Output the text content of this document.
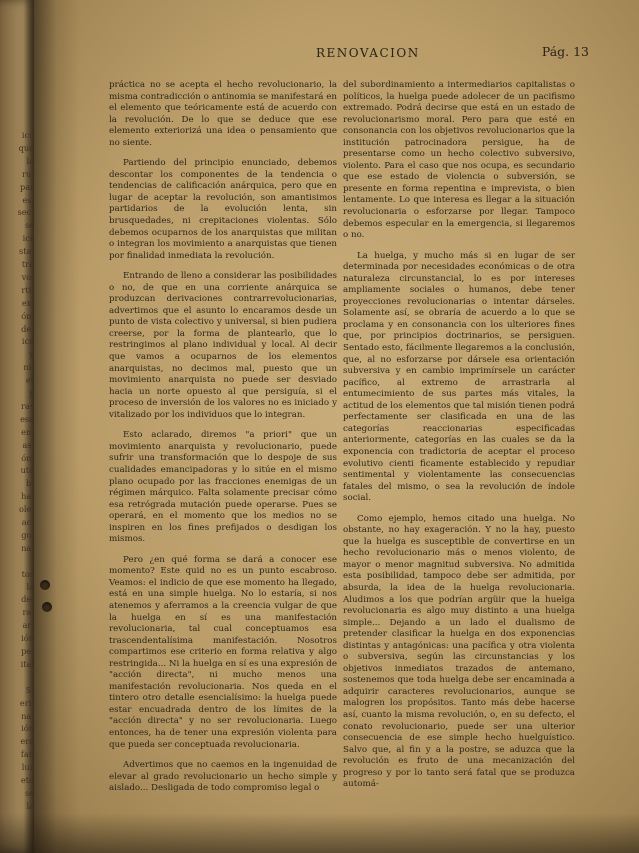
ico
que
la
ru-
par
es,
sec-
se
ics
sta,
tra
vo-
rti-
ex-
ón,
de-
ica
y
ni-
et
y
ras
esa
en-
as,
ón,
ute
b-
ha-
ole,
ac-
go,
na-
tos
la
de-
ra-
ar-
ión
pe-
ital
Si
eri-
na:
ión
era
fan
luz
eto
se
la
RENOVACION	Pág. 13

práctica no se acepta el hecho revolucionario, la misma contradicción o antinomia se manifestará en el elemento que teóricamente está de acuerdo con la revolución. De lo que se deduce que ese elemento exteriorizá una idea o pensamiento que no siente.

Partiendo del principio enunciado, debemos descontar los componentes de la tendencia o tendencias de calificación anárquica, pero que en lugar de aceptar la revolución, son amantisimos partidarios de la evolución lenta, sin brusquedades, ni crepitaciones violentas. Sólo debemos ocuparnos de los anarquistas que militan o integran los movimiento a anarquistas que tienen por finalidad inmediata la revolución.

Entrando de lleno a considerar las posibilidades o no, de que en una corriente anárquica se produzcan derivaciones contrarrevolucionarias, advertimos que el asunto lo encaramos desde un punto de vista colectivo y universal, si bien pudiera creerse, por la forma de plantearlo, que lo restringimos al plano individual y local. Al decir que vamos a ocuparnos de los elementos anarquistas, no decimos mal, puesto que un movimiento anarquista no puede ser desviado hacia un norte opuesto al que persiguía, si el proceso de inversión de los valores no es iniciado y vitalizado por los individuos que lo integran.

Esto aclarado, diremos "a priori" que un movimiento anarquista y revolucionario, puede sufrir una transformación que lo despoje de sus cualidades emancipadoras y lo sitúe en el mismo plano ocupado por las fracciones enemigas de un régimen márquico. Falta solamente precisar cómo esa retrógrada mutación puede operarse. Pues se operará, en el momento que los medios no se inspiren en los fines prefijados o desdigan los mismos.

Pero ¿en qué forma se dará a conocer ese momento? Este quid no es un punto escabroso. Veamos: el indicio de que ese momento ha llegado, está en una simple huelga. No lo estaría, si nos atenemos y aferramos a la creencia vulgar de que la huelga en sí es una manifestación revolucionaria, tal cual conceptuamos esa trascendentalísima manifestación. Nosotros compartimos ese criterio en forma relativa y algo restringida... Ni la huelga en sí es una expresión de "acción directa", ni mucho menos una manifestación revolucionaria. Nos queda en el tintero otro detalle esencialísimo: la huelga puede estar encuadrada dentro de los límites de la "acción directa" y no ser revolucionaria. Luego entonces, ha de tener una expresión violenta para que pueda ser conceptuada revolucionaria.

Advertimos que no caemos en la ingenuidad de elevar al grado revolucionario un hecho simple y aislado... Desligada de todo compromiso legal o

del subordinamiento a intermediarios capitalistas o políticos, la huelga puede adolecer de un pacifismo extremado. Podrá decirse que está en un estado de revolucionarismo moral. Pero para que esté en consonancia con los objetivos revolucionarios que la institución patrocinadora persigue, ha de presentarse como un hecho colectivo subversivo, violento. Para el caso que nos ocupa, es secundario que ese estado de violencia o subversión, se presente en forma repentina e imprevista, o bien lentamente. Lo que interesa es llegar a la situación revolucionaria o esforzarse por llegar. Tampoco debemos especular en la emergencia, si llegaremos o no.

La huelga, y mucho más si en lugar de ser determinada por necesidades económicas o de otra naturaleza circunstancial, lo es por intereses ampliamente sociales o humanos, debe tener proyecciones revolucionarias o intentar dárseles. Solamente así, se obraría de acuerdo a lo que se proclama y en consonancia con los ulteriores fines que, por principios doctrinarios, se persiguen. Sentado esto, fácilmente llegaremos a la conclusión, que, al no esforzarse por dársele esa orientación subversiva y en cambio imprimírsele un carácter pacífico, al extremo de arrastrarla al entumecimiento de sus partes más vitales, la actitud de los elementos que tal misión tienen podrá perfectamente ser clasificada en una de las categorías reaccionarias especificadas anteriormente, categorías en las cuales se da la exponencia con tradictoria de aceptar el proceso evolutivo cienti ficamente establecido y repudiar sentimental y violentamente las consecuencias fatales del mismo, o sea la revolución de índole social.

Como ejemplo, hemos citado una huelga. No obstante, no hay exageración. Y no la hay, puesto que la huelga es susceptible de convertirse en un hecho revolucionario más o menos violento, de mayor o menor magnitud subversiva. No admitida esta posibilidad, tampoco debe ser admitida, por absurda, la idea de la huelga revolucionaria. Aludimos a los que podrían argüir que la huelga revolucionaria es algo muy distinto a una huelga simple... Dejando a un lado el dualismo de pretender clasificar la huelga en dos exponencias distintas y antagónicas: una pacífica y otra violenta o subversiva, según las circunstancias y los objetivos inmediatos trazados de antemano, sostenemos que toda huelga debe ser encaminada a adquirir caracteres revolucionarios, aunque se malogren los propósitos. Tanto más debe hacerse así, cuanto la misma revolución, o, en su defecto, el conato revolucionario, puede ser una ulterior consecuencia de ese simple hecho huelguístico. Salvo que, al fin y a la postre, se aduzca que la revolución es fruto de una mecanización del progreso y por lo tanto será fatal que se produzca automá-
